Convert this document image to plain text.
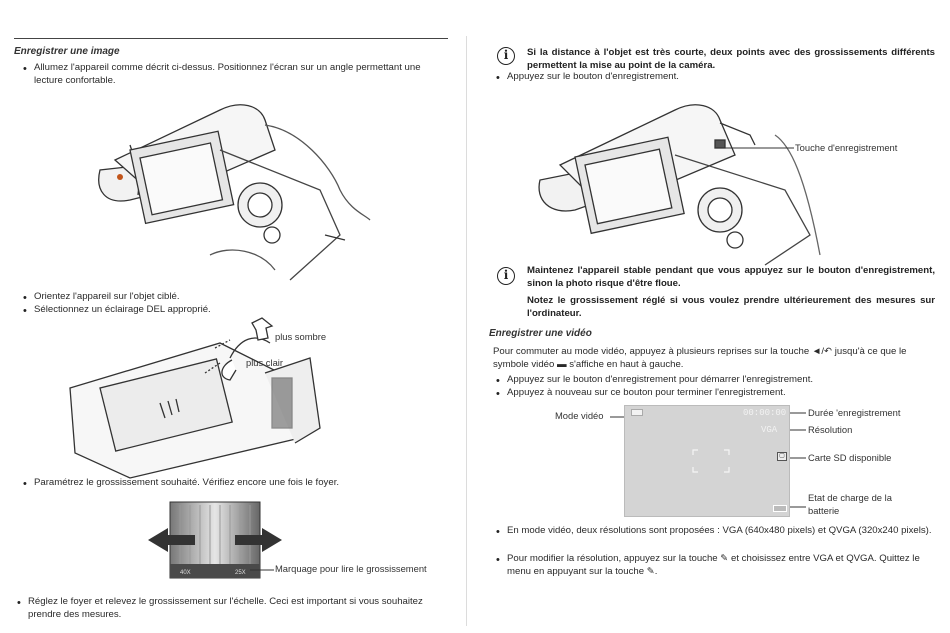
Enregistrer une image
• Allumez l'appareil comme décrit ci-dessus. Positionnez l'écran sur un angle permettant une lecture confortable.
• Orientez l'appareil sur l'objet ciblé.
• Sélectionnez un éclairage DEL approprié.
plus sombre
plus clair
• Paramétrez le grossissement souhaité. Vérifiez encore une fois le foyer.
40X	25X	Marquage pour lire le grossissement
• Réglez le foyer et relevez le grossissement sur l'échelle. Ceci est important si vous souhaitez prendre des mesures.
i	Si la distance à l'objet est très courte, deux points avec des grossissements différents permettent la mise au point de la caméra.
• Appuyez sur le bouton d'enregistrement.
Touche d'enregistrement
i	Maintenez l'appareil stable pendant que vous appuyez sur le bouton d'enregistrement, sinon la photo risque d'être floue.
Notez le grossissement réglé si vous voulez prendre ultérieurement des mesures sur l'ordinateur.
Enregistrer une vidéo
Pour commuter au mode vidéo, appuyez à plusieurs reprises sur la touche ◄/↶ jusqu'à ce que le symbole vidéo ▬ s'affiche en haut à gauche.
• Appuyez sur le bouton d'enregistrement pour démarrer l'enregistrement.
• Appuyez à nouveau sur ce bouton pour terminer l'enregistrement.
Mode vidéo	00:00:00
VGA
▢
Durée 'enregistrement
Résolution
Carte SD disponible
Etat de charge de la batterie
• En mode vidéo, deux résolutions sont proposées : VGA (640x480 pixels) et QVGA (320x240 pixels).
• Pour modifier la résolution, appuyez sur la touche ✎ et choisissez entre VGA et QVGA. Quittez le menu en appuyant sur la touche ✎.
